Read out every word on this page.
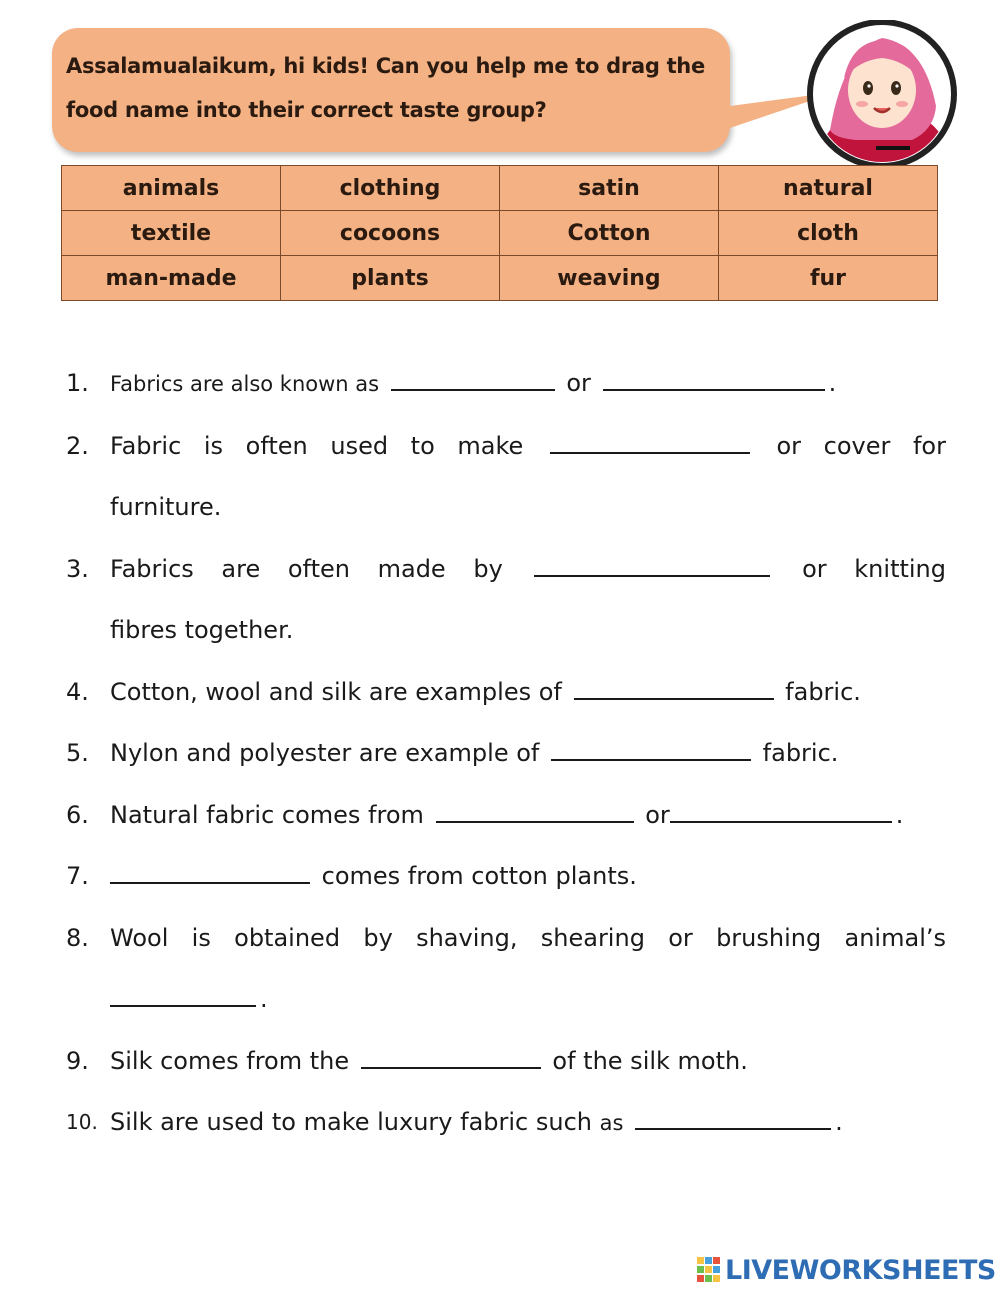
Assalamualaikum, hi kids! Can you help me to drag the
food name into their correct taste group?
animals	clothing	satin	natural
textile	cocoons	Cotton	cloth
man-made	plants	weaving	fur
1. Fabrics are also known as	or	.
2. Fabric is often used to make	or cover for
furniture.
3. Fabrics are often made by	or knitting
fibres together.
4. Cotton, wool and silk are examples of	fabric.
5. Nylon and polyester are example of	fabric.
6. Natural fabric comes from	or	.
7.	comes from cotton plants.
8. Wool is obtained by shaving, shearing or brushing animal’s
.
9. Silk comes from the	of the silk moth.
10. Silk are used to make luxury fabric such as	.
LIVEWORKSHEETS
